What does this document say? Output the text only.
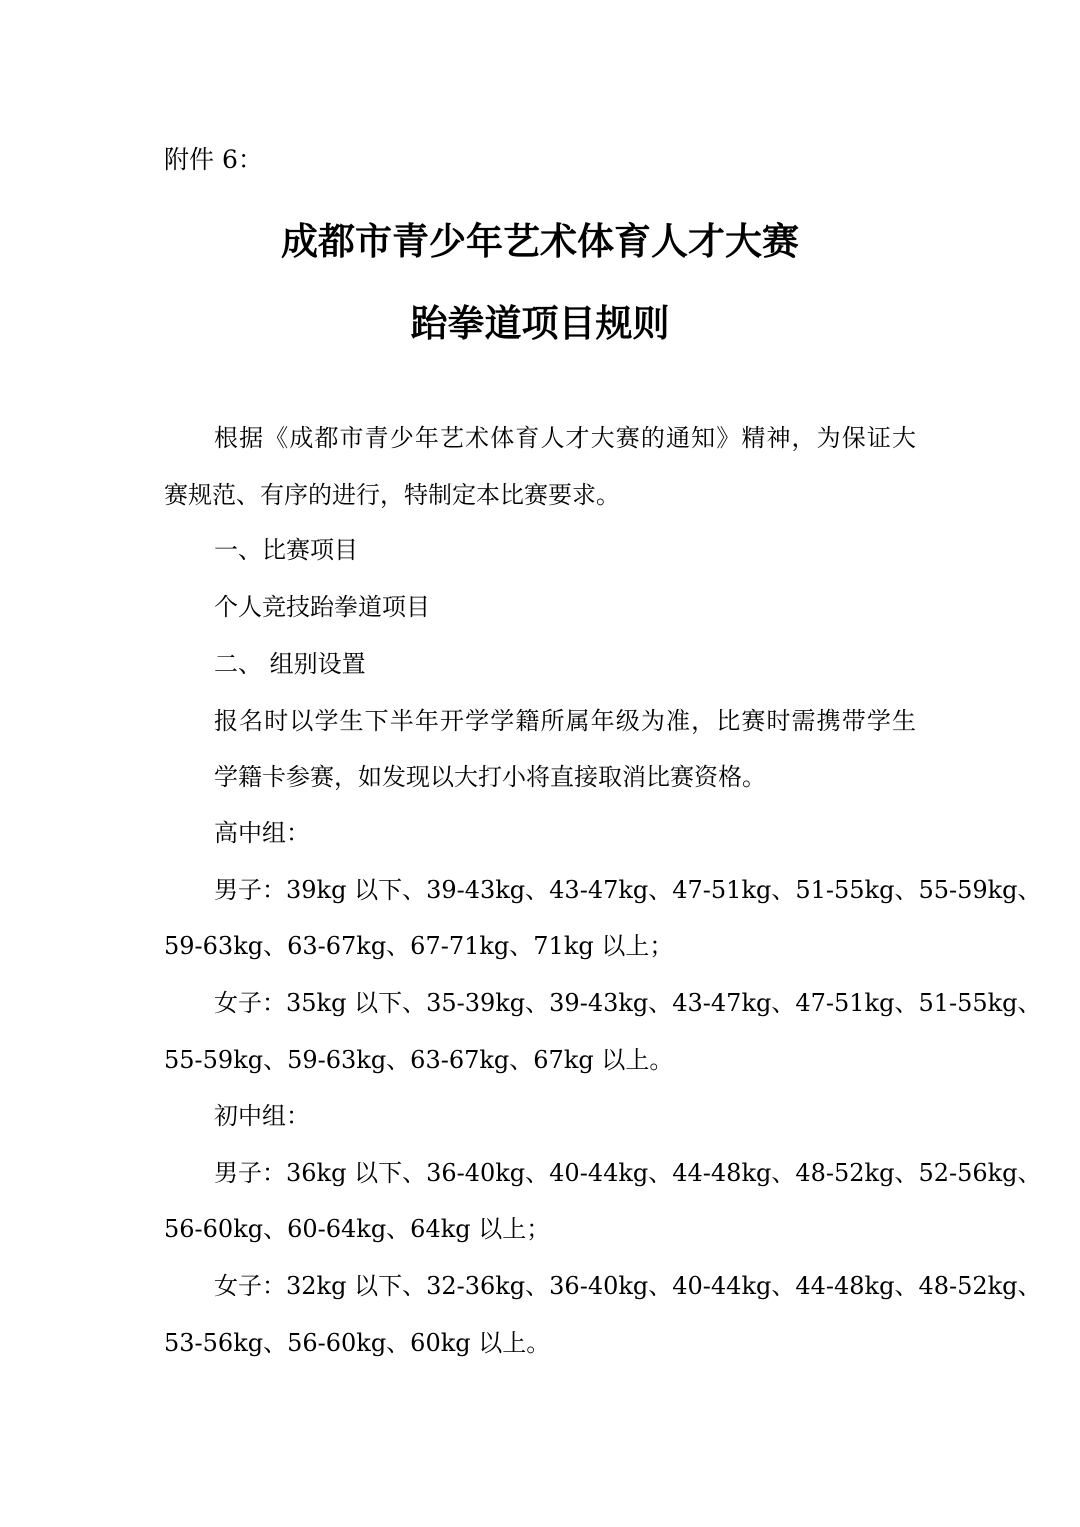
附件 6：
成都市青少年艺术体育人才大赛
跆拳道项目规则
根据《成都市青少年艺术体育人才大赛的通知》精神，为保证大
赛规范、有序的进行，特制定本比赛要求。
一、比赛项目
个人竞技跆拳道项目
二、 组别设置
报名时以学生下半年开学学籍所属年级为准，比赛时需携带学生
学籍卡参赛，如发现以大打小将直接取消比赛资格。
高中组：
男子：39kg 以下、39-43kg、43-47kg、47-51kg、51-55kg、55-59kg、
59-63kg、63-67kg、67-71kg、71kg 以上；
女子：35kg 以下、35-39kg、39-43kg、43-47kg、47-51kg、51-55kg、
55-59kg、59-63kg、63-67kg、67kg 以上。
初中组：
男子：36kg 以下、36-40kg、40-44kg、44-48kg、48-52kg、52-56kg、
56-60kg、60-64kg、64kg 以上；
女子：32kg 以下、32-36kg、36-40kg、40-44kg、44-48kg、48-52kg、
53-56kg、56-60kg、60kg 以上。
